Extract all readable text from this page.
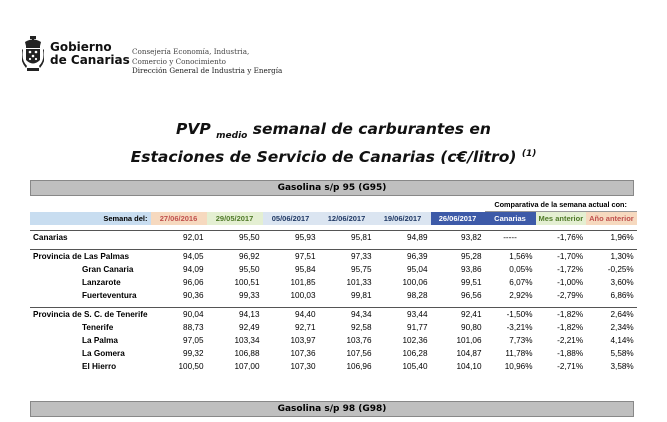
Gobierno
de Canarias
Consejería Economía, Industria,
Comercio y Conocimiento
Dirección General de Industria y Energía
PVP $_{medio}$ semanal de carburantes en
Estaciones de Servicio de Canarias (c€/litro) $^{(1)}$
Gasolina s/p 95 (G95)
							Comparativa de la semana actual con:		
Semana del:	27/06/2016	29/05/2017	05/06/2017	12/06/2017	19/06/2017	26/06/2017	Canarias	Mes anterior	Año anterior

Canarias	92,01	95,50	95,93	95,81	94,89	93,82	-----	-1,76%	1,96%

Provincia de Las Palmas	94,05	96,92	97,51	97,33	96,39	95,28	1,56%	-1,70%	1,30%
Gran Canaria	94,09	95,50	95,84	95,75	95,04	93,86	0,05%	-1,72%	-0,25%
Lanzarote	96,06	100,51	101,85	101,33	100,06	99,51	6,07%	-1,00%	3,60%
Fuerteventura	90,36	99,33	100,03	99,81	98,28	96,56	2,92%	-2,79%	6,86%

Provincia de S. C. de Tenerife	90,04	94,13	94,40	94,34	93,44	92,41	-1,50%	-1,82%	2,64%
Tenerife	88,73	92,49	92,71	92,58	91,77	90,80	-3,21%	-1,82%	2,34%
La Palma	97,05	103,34	103,97	103,76	102,36	101,06	7,73%	-2,21%	4,14%
La Gomera	99,32	106,88	107,36	107,56	106,28	104,87	11,78%	-1,88%	5,58%
El Hierro	100,50	107,00	107,30	106,96	105,40	104,10	10,96%	-2,71%	3,58%
Gasolina s/p 98 (G98)
